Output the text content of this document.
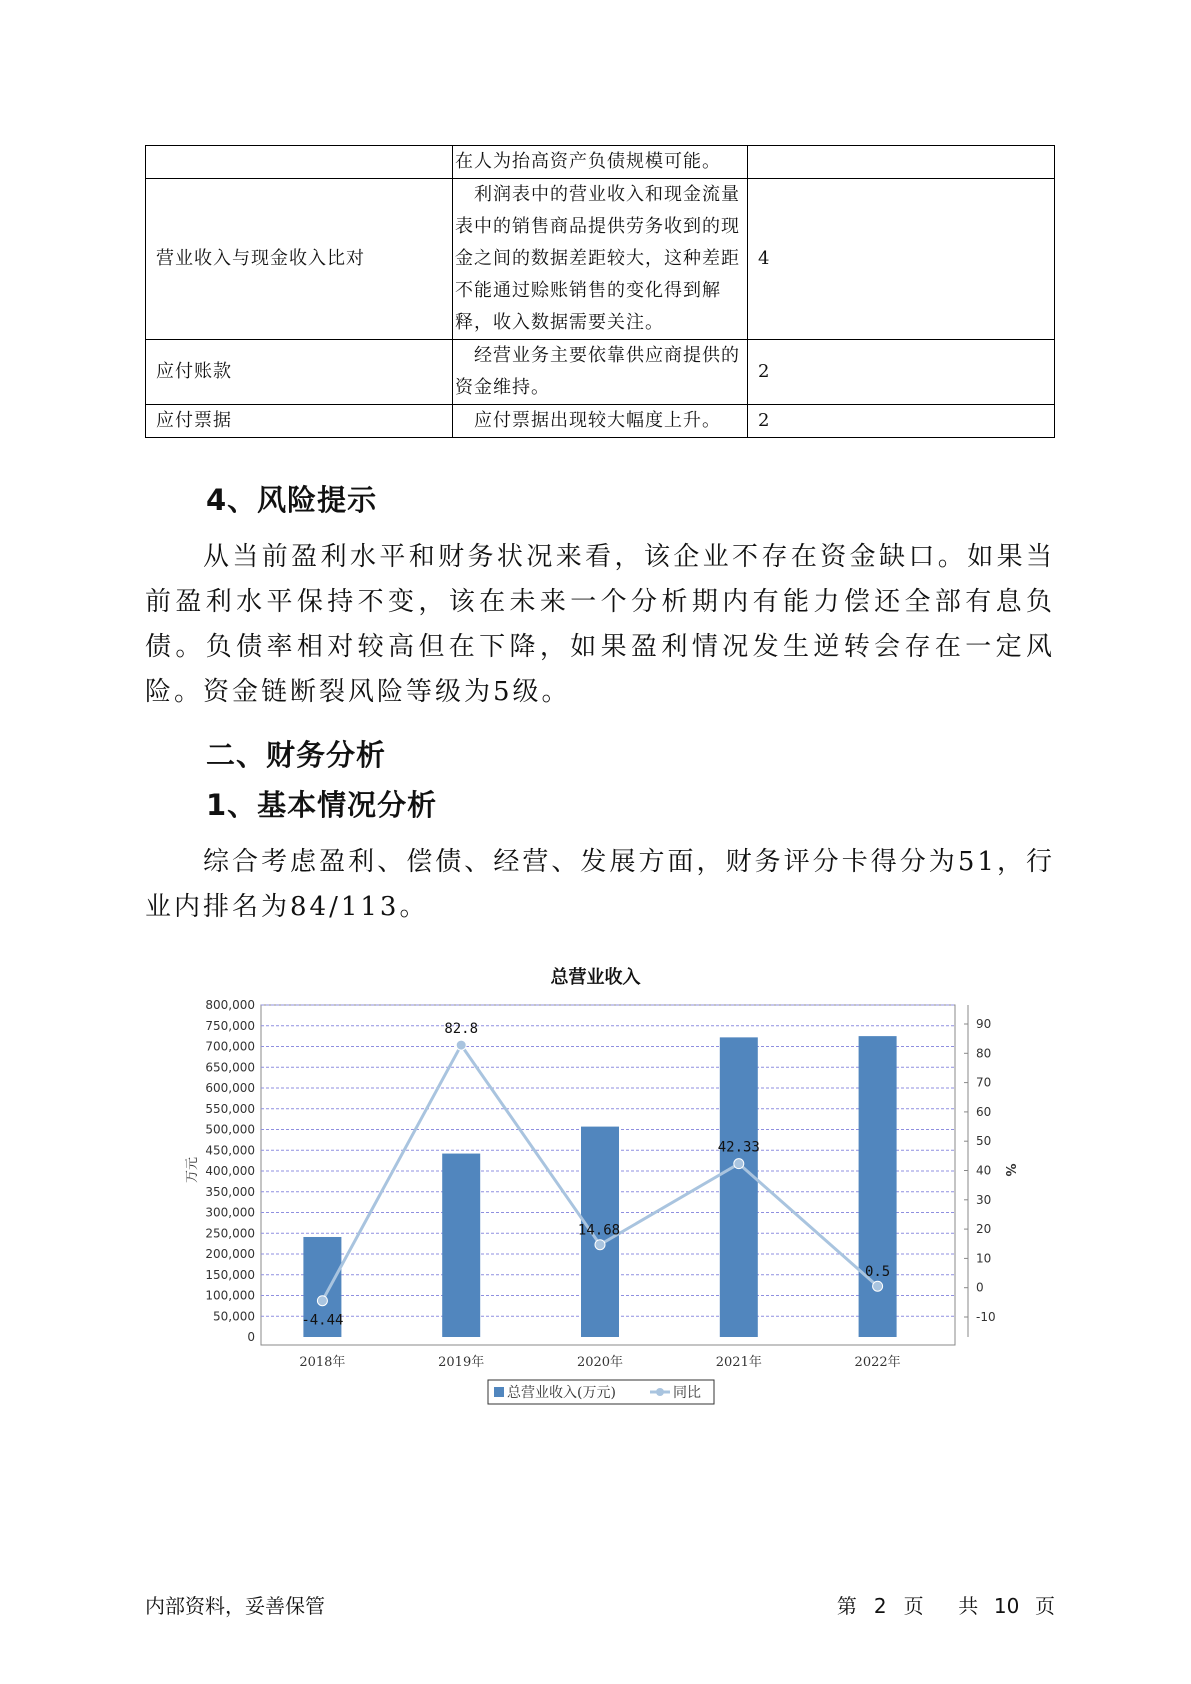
	在人为抬高资产负债规模可能。	
营业收入与现金收入比对	　利润表中的营业收入和现金流量表中的销售商品提供劳务收到的现金之间的数据差距较大，这种差距不能通过赊账销售的变化得到解释，收入数据需要关注。	4
应付账款	　经营业务主要依靠供应商提供的资金维持。	2
应付票据	　应付票据出现较大幅度上升。	2
4、风险提示
从当前盈利水平和财务状况来看，该企业不存在资金缺口。如果当前盈利水平保持不变，该在未来一个分析期内有能力偿还全部有息负债。负债率相对较高但在下降，如果盈利情况发生逆转会存在一定风险。资金链断裂风险等级为5级。
二、财务分析
1、基本情况分析
综合考虑盈利、偿债、经营、发展方面，财务评分卡得分为51，行业内排名为84/113。
总营业收入
0
50,000
100,000
150,000
200,000
250,000
300,000
350,000
400,000
450,000
500,000
550,000
600,000
650,000
700,000
750,000
800,000
-10
0
10
20
30
40
50
60
70
80
90
万元	%
2018年	2019年	2020年	2021年	2022年
-4.44
82.8
14.68
42.33
0.5
总营业收入(万元)	同比
内部资料，妥善保管	第 2 页 共 10 页
